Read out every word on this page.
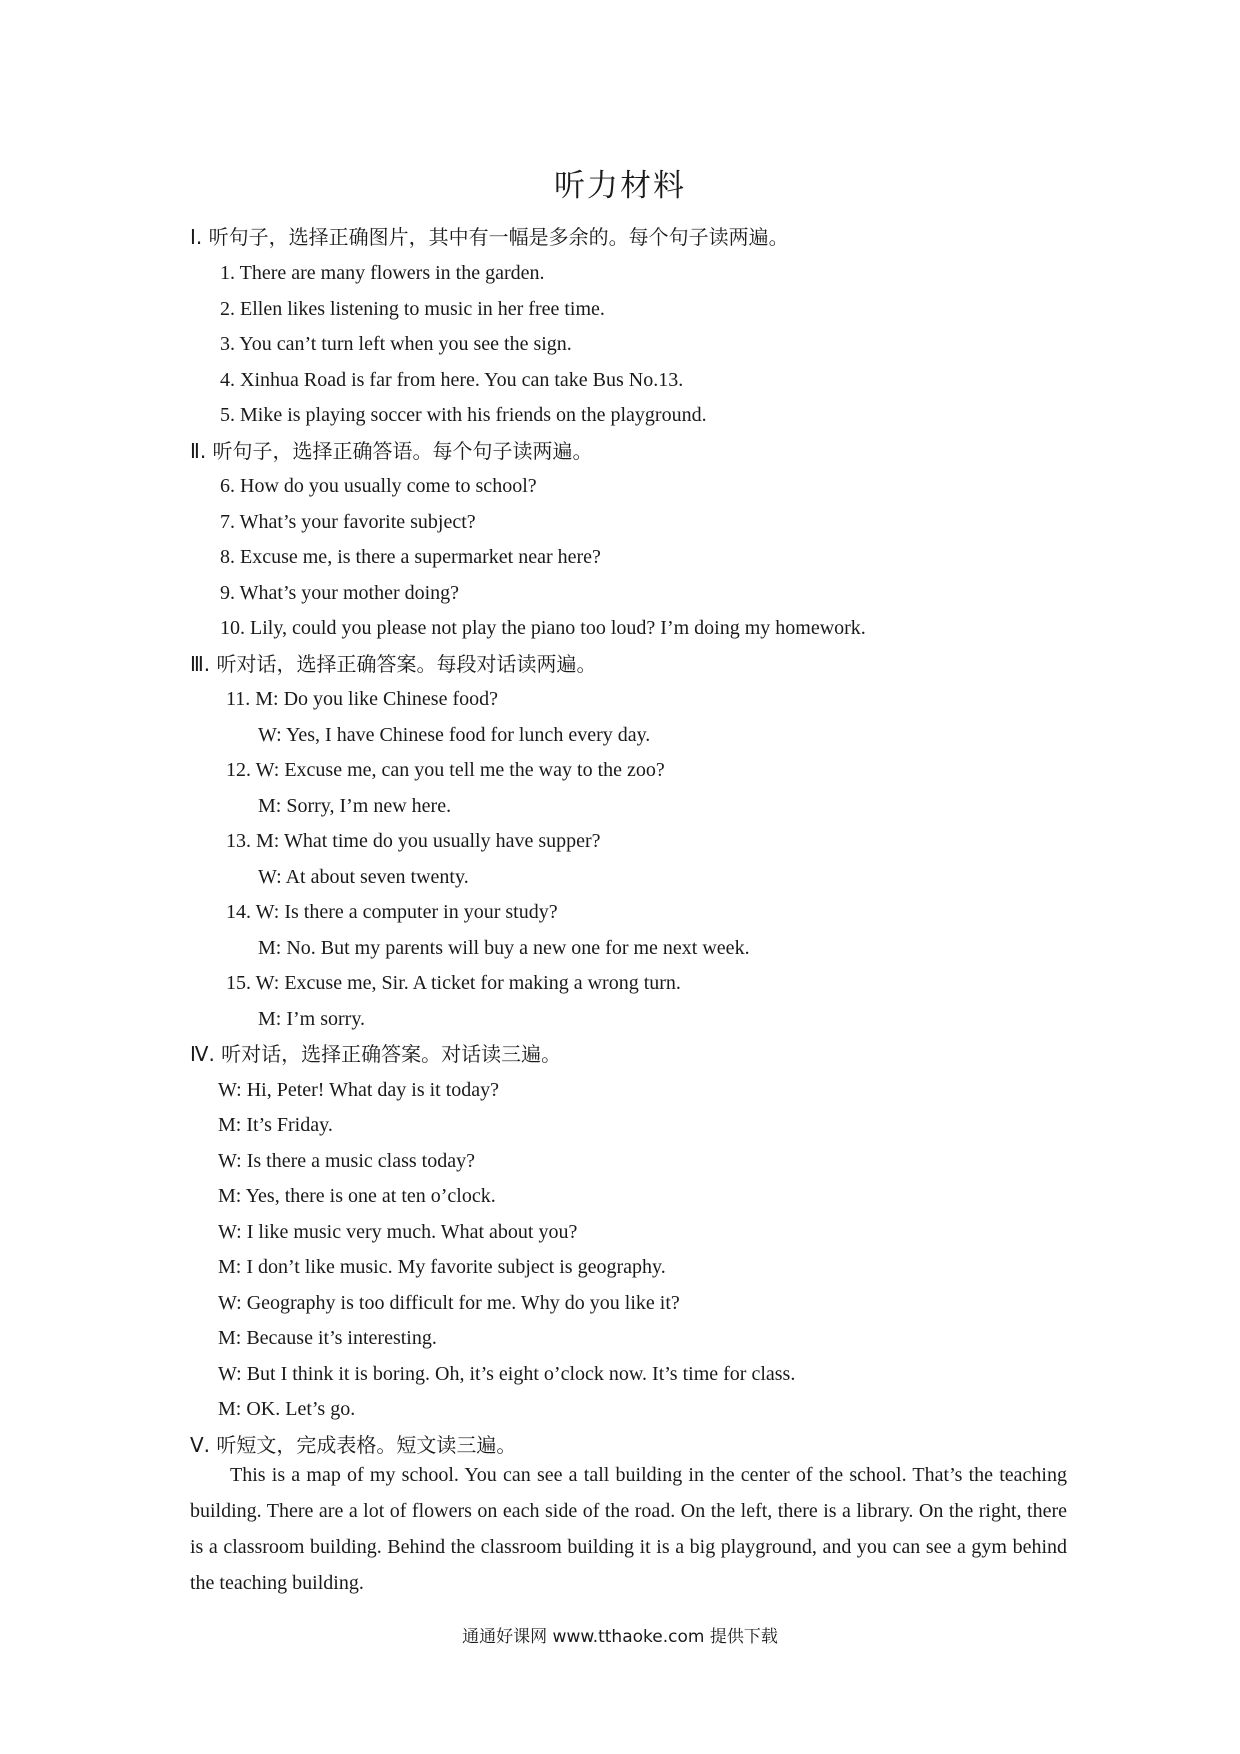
听力材料
Ⅰ. 听句子，选择正确图片，其中有一幅是多余的。每个句子读两遍。
1. There are many flowers in the garden.
2. Ellen likes listening to music in her free time.
3. You can’t turn left when you see the sign.
4. Xinhua Road is far from here. You can take Bus No.13.
5. Mike is playing soccer with his friends on the playground.
Ⅱ. 听句子，选择正确答语。每个句子读两遍。
6. How do you usually come to school?
7. What’s your favorite subject?
8. Excuse me, is there a supermarket near here?
9. What’s your mother doing?
10. Lily, could you please not play the piano too loud? I’m doing my homework.
Ⅲ. 听对话，选择正确答案。每段对话读两遍。
11. M: Do you like Chinese food?
W: Yes, I have Chinese food for lunch every day.
12. W: Excuse me, can you tell me the way to the zoo?
M: Sorry, I’m new here.
13. M: What time do you usually have supper?
W: At about seven twenty.
14. W: Is there a computer in your study?
M: No. But my parents will buy a new one for me next week.
15. W: Excuse me, Sir. A ticket for making a wrong turn.
M: I’m sorry.
Ⅳ. 听对话，选择正确答案。对话读三遍。
W: Hi, Peter! What day is it today?
M: It’s Friday.
W: Is there a music class today?
M: Yes, there is one at ten o’clock.
W: I like music very much. What about you?
M: I don’t like music. My favorite subject is geography.
W: Geography is too difficult for me. Why do you like it?
M: Because it’s interesting.
W: But I think it is boring. Oh, it’s eight o’clock now. It’s time for class.
M: OK. Let’s go.
Ⅴ. 听短文，完成表格。短文读三遍。
This is a map of my school. You can see a tall building in the center of the school. That’s the teaching building. There are a lot of flowers on each side of the road. On the left, there is a library. On the right, there is a classroom building. Behind the classroom building it is a big playground, and you can see a gym behind the teaching building.
通通好课网 www.tthaoke.com 提供下载
